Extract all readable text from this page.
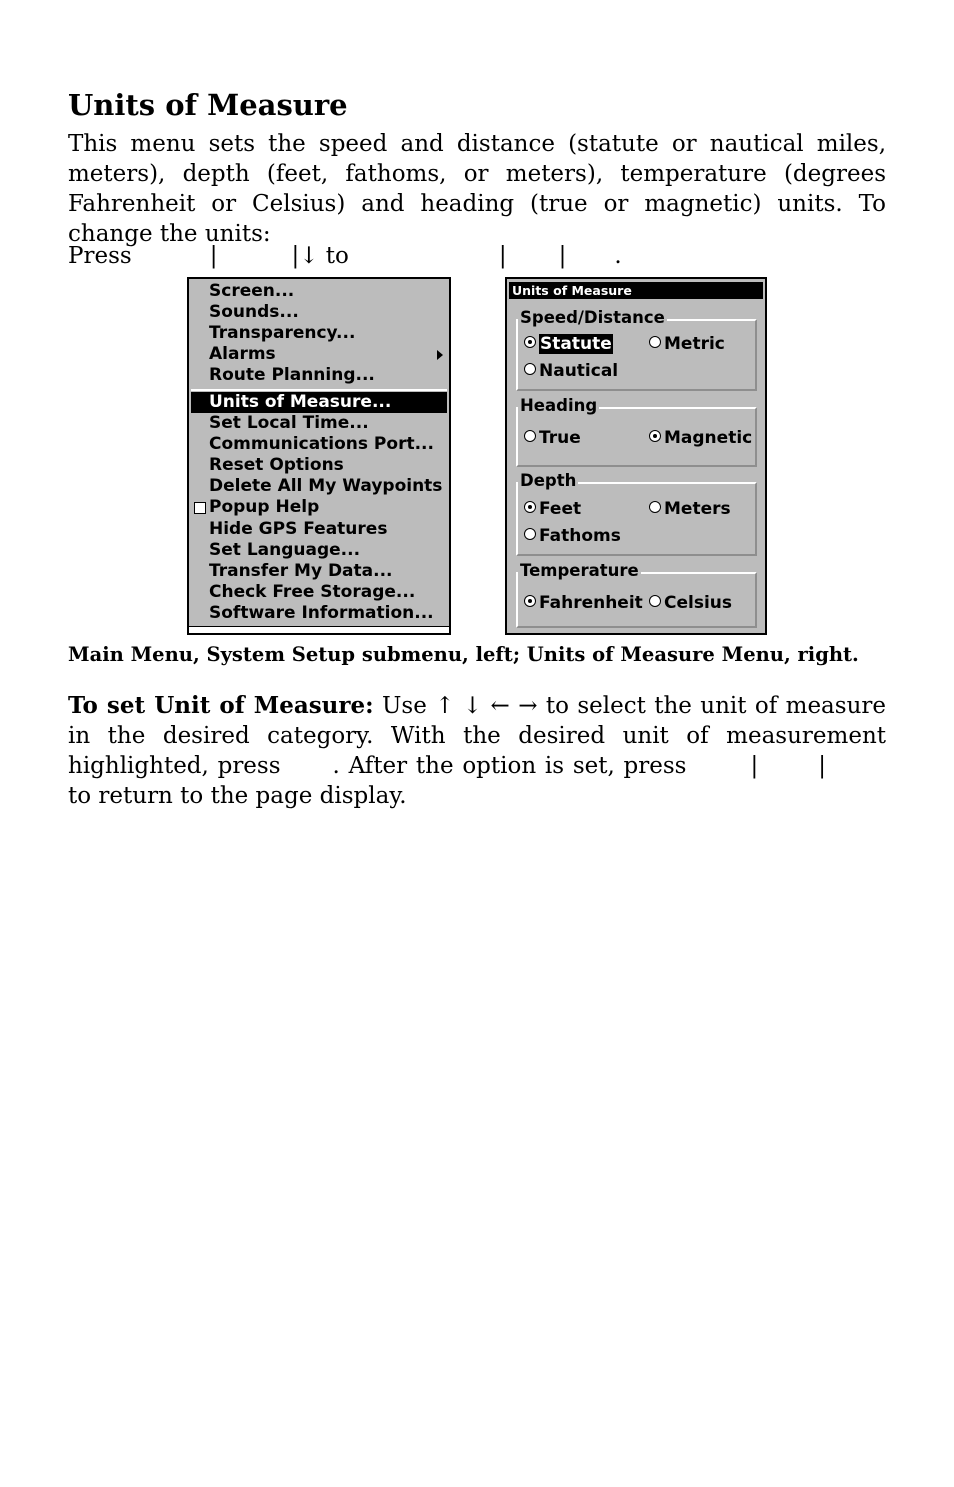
Units of Measure

This menu sets the speed and distance (statute or nautical miles, meters), depth (feet, fathoms, or meters), temperature (degrees Fahrenheit or Celsius) and heading (true or magnetic) units. To change the units:

Press	|	|↓ to	| | .
Screen...
Sounds...
Transparency...
Alarms
Route Planning...
Units of Measure...
Set Local Time...
Communications Port...
Reset Options
Delete All My Waypoints
Popup Help
Hide GPS Features
Set Language...
Transfer My Data...
Check Free Storage...
Software Information...
Units of Measure
Speed/Distance
Statute	Metric
Nautical
Heading
True	Magnetic
Depth
Feet	Meters
Fathoms
Temperature
Fahrenheit	Celsius
Main Menu, System Setup submenu, left; Units of Measure Menu, right.

To set Unit of Measure: Use ↑ ↓ ← → to select the unit of measure in the desired category. With the desired unit of measurement highlighted, press . After the option is set, press	|	|to return to the page display.
